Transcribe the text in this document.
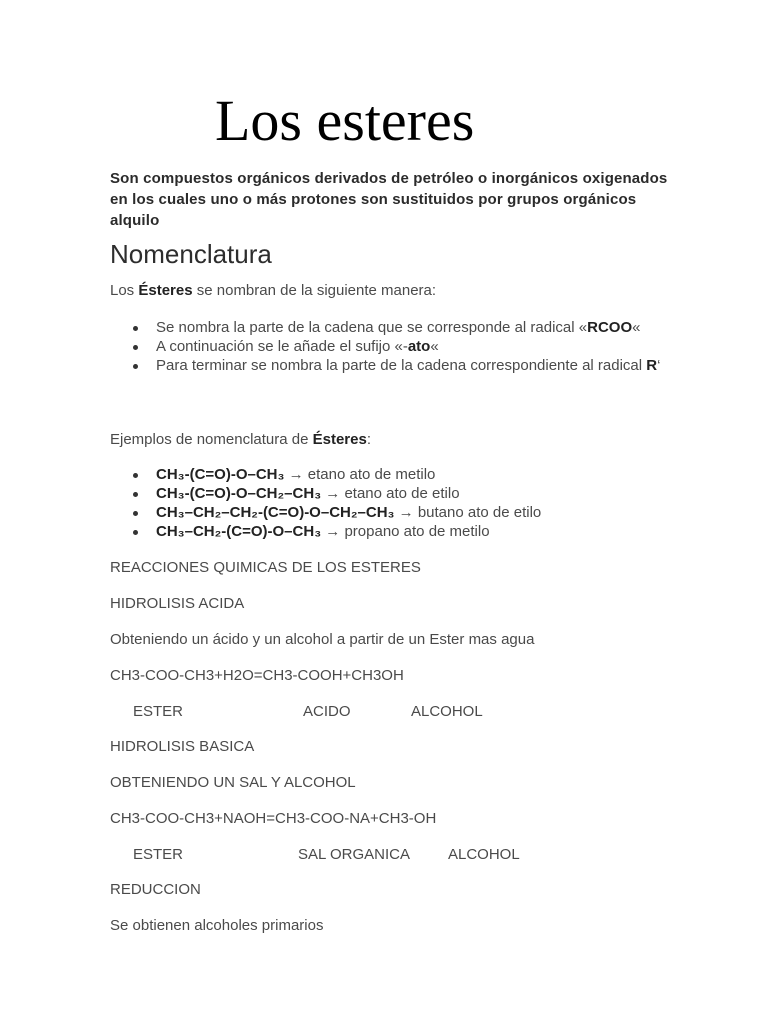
Los esteres

Son compuestos orgánicos derivados de petróleo o inorgánicos oxigenados en los cuales uno o más protones son sustituidos por grupos orgánicos alquilo

Nomenclatura

Los Ésteres se nombran de la siguiente manera:

Se nombra la parte de la cadena que se corresponde al radical «RCOO«
A continuación se le añade el sufijo «-ato«
Para terminar se nombra la parte de la cadena correspondiente al radical R‘

Ejemplos de nomenclatura de Ésteres:

CH₃-(C=O)-O–CH₃ → etano ato de metilo
CH₃-(C=O)-O–CH₂–CH₃ → etano ato de etilo
CH₃–CH₂–CH₂-(C=O)-O–CH₂–CH₃ → butano ato de etilo
CH₃–CH₂-(C=O)-O–CH₃ → propano ato de metilo

REACCIONES QUIMICAS DE LOS ESTERES

HIDROLISIS ACIDA

Obteniendo un ácido y un alcohol a partir de un Ester mas agua

CH3-COO-CH3+H2O=CH3-COOH+CH3OH

ESTER	ACIDO	ALCOHOL

HIDROLISIS BASICA

OBTENIENDO UN SAL Y ALCOHOL

CH3-COO-CH3+NAOH=CH3-COO-NA+CH3-OH

ESTER	SAL ORGANICA	ALCOHOL

REDUCCION

Se obtienen alcoholes primarios
